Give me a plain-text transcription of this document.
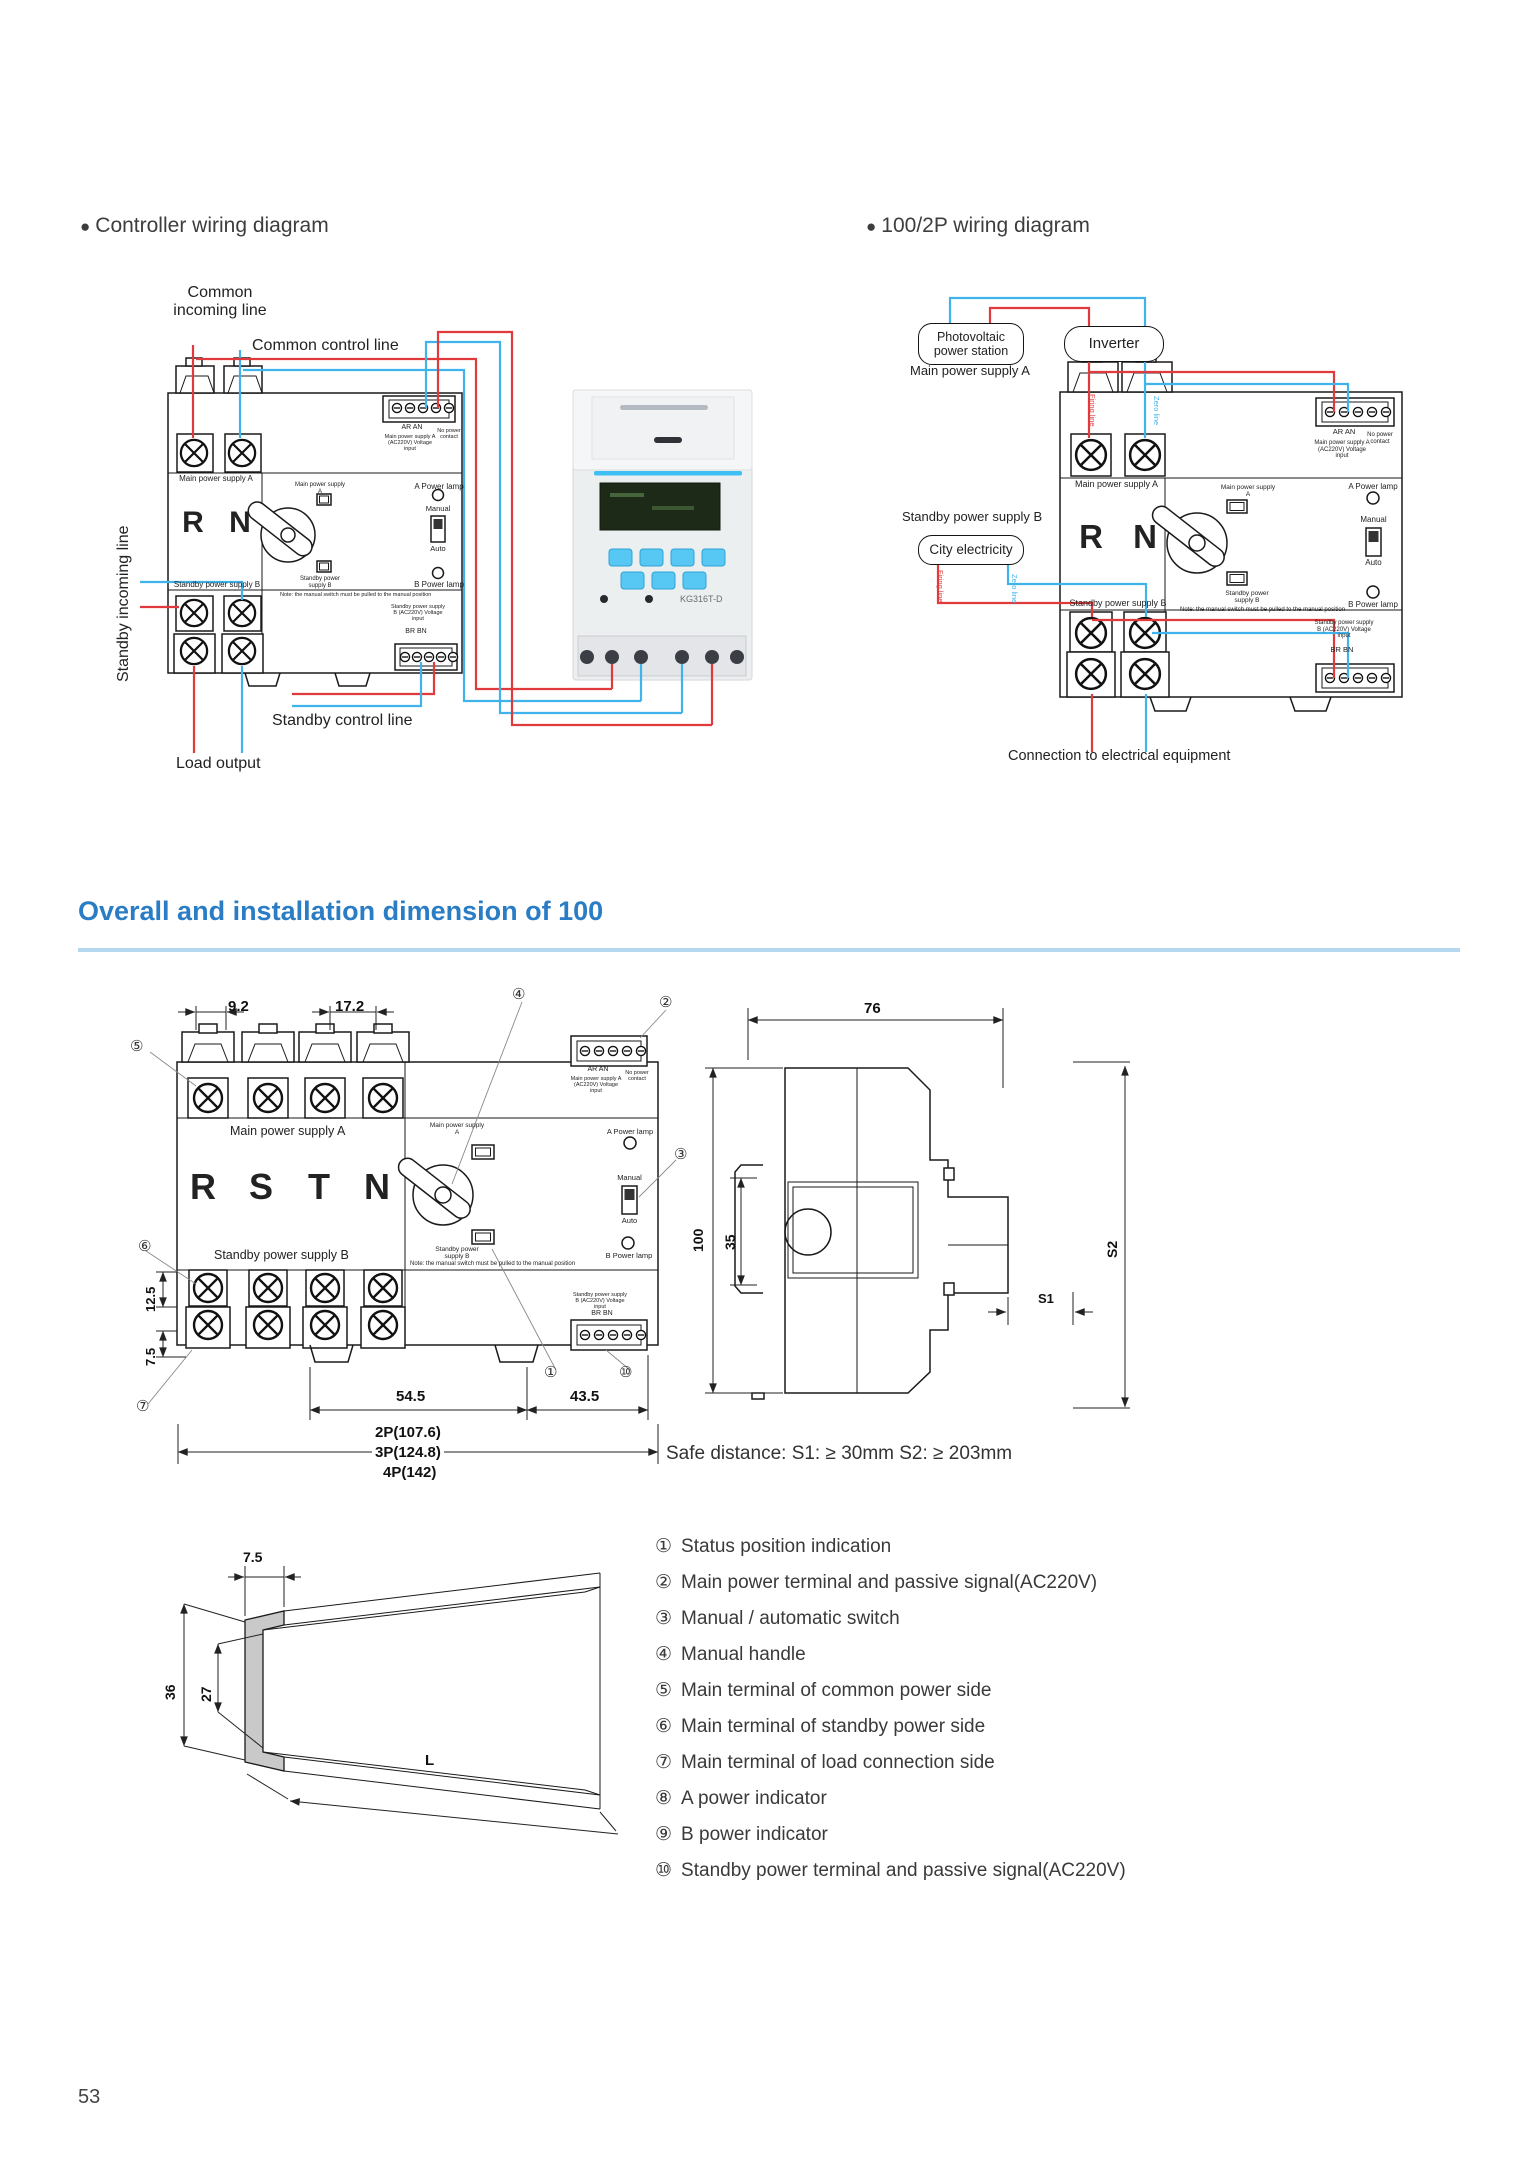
● Controller wiring diagram	● 100/2P wiring diagram
Common incoming line
Common control line
Standby incoming line
Standby control line
Load output
Main power supply A
R N
Standby power supply B
A Power lamp
Manual
Auto
B Power lamp
AR AN
Main power supply A (AC220V) Voltage input
No power contact
Standby power supply B (AC220V) Voltage input
BR BN
Main power supply A
Standby power supply B
Note: the manual switch must be pulled to the manual position	KG316T-D
Photovoltaic power station	Inverter
Main power supply A
Standby power supply B
City electricity
Connection to electrical equipment
Firing line	Zero line
Firing line	Zero line
Main power supply A
R N
Standby power supply B
A Power lamp
Manual
Auto
B Power lamp
AR AN
Main power supply A (AC220V) Voltage input
No power contact
Standby power supply B (AC220V) Voltage input
BR BN
Main power supply A
Standby power supply B
Note: the manual switch must be pulled to the manual position
Overall and installation dimension of 100
9.2	17.2
⑤
④	②
③
⑥
⑦
①	⑩
Main power supply A
R S T N
Standby power supply B
12.5
7.5
54.5	43.5
2P(107.6)
3P(124.8)
4P(142)
A Power lamp
Manual
Auto
B Power lamp
AR AN
Main power supply A (AC220V) Voltage input
No power contact
Standby power supply B (AC220V) Voltage input
BR BN
Main power supply A
Standby power supply B
Note: the manual switch must be pulled to the manual position
76
100 35
S1
S2
Safe distance: S1: ≥ 30mm S2: ≥ 203mm
7.5
36 27
L
① Status position indication
② Main power terminal and passive signal(AC220V)
③ Manual / automatic switch
④ Manual handle
⑤ Main terminal of common power side
⑥ Main terminal of standby power side
⑦ Main terminal of load connection side
⑧ A power indicator
⑨ B power indicator
⑩ Standby power terminal and passive signal(AC220V)
53
